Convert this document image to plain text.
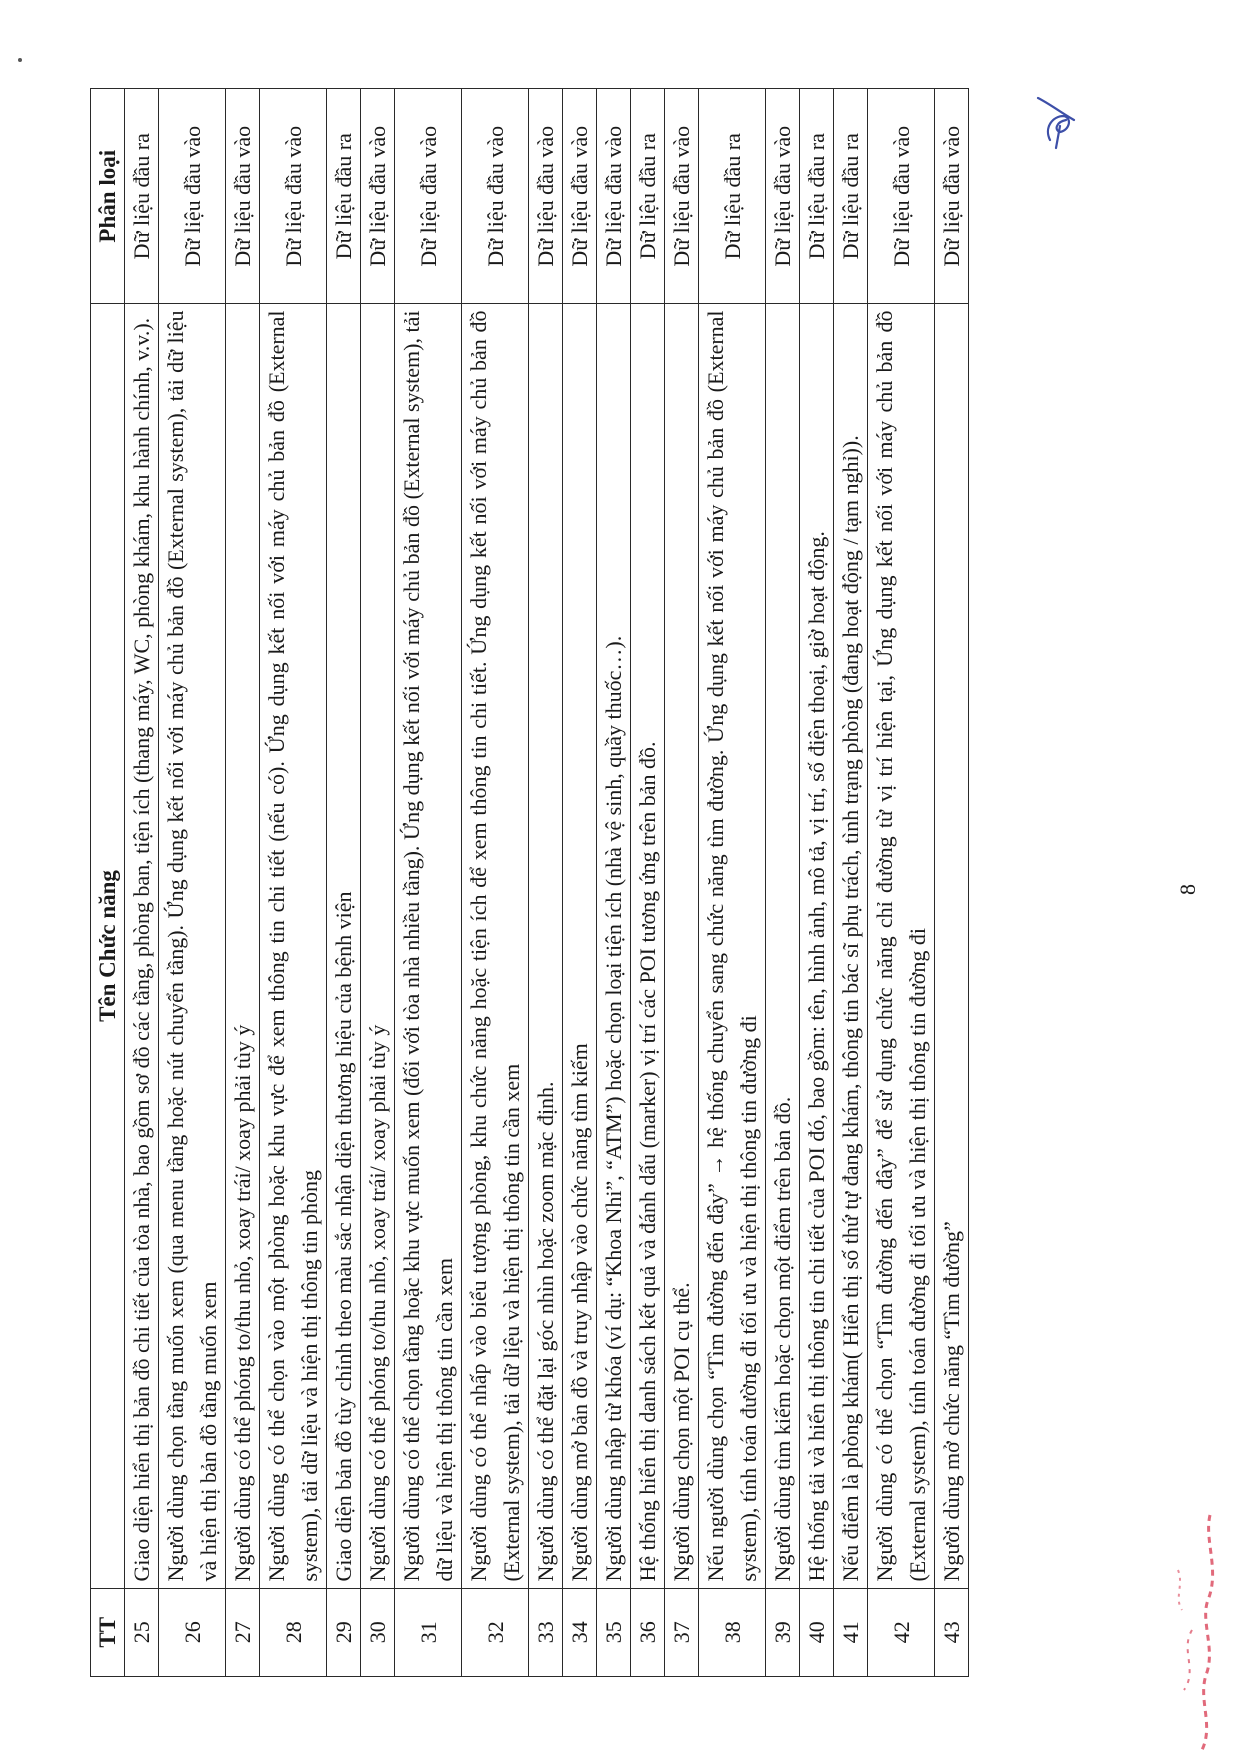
TT	Tên Chức năng	Phân loại
25	Giao diện hiển thị bản đồ chi tiết của tòa nhà, bao gồm sơ đồ các tầng, phòng ban, tiện ích (thang máy, WC, phòng khám, khu hành chính, v.v.).	Dữ liệu đầu ra
26	Người dùng chọn tầng muốn xem (qua menu tầng hoặc nút chuyển tầng). Ứng dụng kết nối với máy chủ bản đồ (External system), tải dữ liệu và hiện thị bản đồ tầng muốn xem	Dữ liệu đầu vào
27	Người dùng có thể phóng to/thu nhỏ, xoay trái/ xoay phải tùy ý	Dữ liệu đầu vào
28	Người dùng có thể chọn vào một phòng hoặc khu vực để xem thông tin chi tiết (nếu có). Ứng dụng kết nối với máy chủ bản đồ (External system), tải dữ liệu và hiện thị thông tin phòng	Dữ liệu đầu vào
29	Giao diện bản đồ tùy chỉnh theo màu sắc nhận diện thương hiệu của bệnh viện	Dữ liệu đầu ra
30	Người dùng có thể phóng to/thu nhỏ, xoay trái/ xoay phải tùy ý	Dữ liệu đầu vào
31	Người dùng có thể chọn tầng hoặc khu vực muốn xem (đối với tòa nhà nhiều tầng). Ứng dụng kết nối với máy chủ bản đồ (External system), tải dữ liệu và hiện thị thông tin cần xem	Dữ liệu đầu vào
32	Người dùng có thể nhấp vào biểu tượng phòng, khu chức năng hoặc tiện ích để xem thông tin chi tiết. Ứng dụng kết nối với máy chủ bản đồ (External system), tải dữ liệu và hiện thị thông tin cần xem	Dữ liệu đầu vào
33	Người dùng có thể đặt lại góc nhìn hoặc zoom mặc định.	Dữ liệu đầu vào
34	Người dùng mở bản đồ và truy nhập vào chức năng tìm kiếm	Dữ liệu đầu vào
35	Người dùng nhập từ khóa (ví dụ: “Khoa Nhi”, “ATM”) hoặc chọn loại tiện ích (nhà vệ sinh, quầy thuốc…).	Dữ liệu đầu vào
36	Hệ thống hiển thị danh sách kết quả và đánh dấu (marker) vị trí các POI tương ứng trên bản đồ.	Dữ liệu đầu ra
37	Người dùng chọn một POI cụ thể.	Dữ liệu đầu vào
38	Nếu người dùng chọn “Tìm đường đến đây” → hệ thống chuyển sang chức năng tìm đường. Ứng dụng kết nối với máy chủ bản đồ (External system), tính toán đường đi tối ưu và hiện thị thông tin đường đi	Dữ liệu đầu ra
39	Người dùng tìm kiếm hoặc chọn một điểm trên bản đồ.	Dữ liệu đầu vào
40	Hệ thống tải và hiển thị thông tin chi tiết của POI đó, bao gồm: tên, hình ảnh, mô tả, vị trí, số điện thoại, giờ hoạt động.	Dữ liệu đầu ra
41	Nếu điểm là phòng khám( Hiển thị số thứ tự đang khám, thông tin bác sĩ phụ trách, tình trạng phòng (đang hoạt động / tạm nghỉ)).	Dữ liệu đầu ra
42	Người dùng có thể chọn “Tìm đường đến đây” để sử dụng chức năng chỉ đường từ vị trí hiện tại, Ứng dụng kết nối với máy chủ bản đồ (External system), tính toán đường đi tối ưu và hiện thị thông tin đường đi	Dữ liệu đầu vào
43	Người dùng mở chức năng “Tìm đường”	Dữ liệu đầu vào
8
